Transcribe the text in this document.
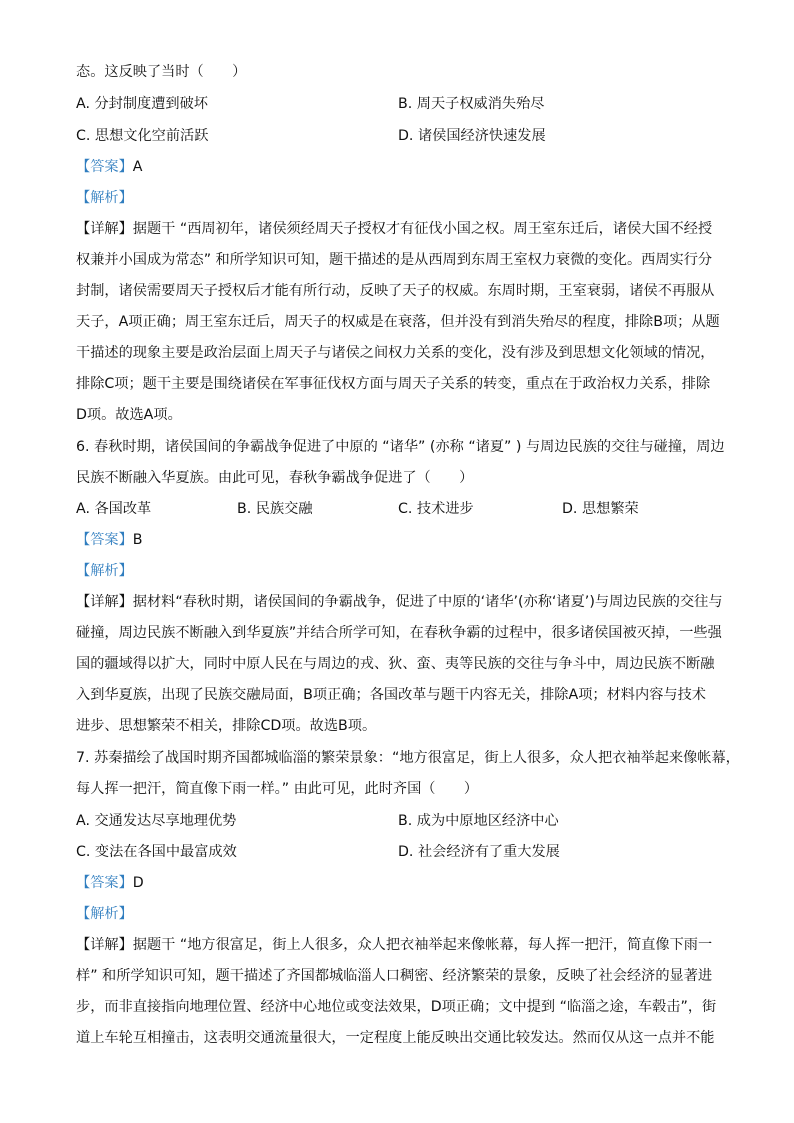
态。这反映了当时（　　）
A. 分封制度遭到破坏	B. 周天子权威消失殆尽
C. 思想文化空前活跃	D. 诸侯国经济快速发展
【答案】A
【解析】
【详解】据题干 “西周初年，诸侯须经周天子授权才有征伐小国之权。周王室东迁后，诸侯大国不经授
权兼并小国成为常态” 和所学知识可知，题干描述的是从西周到东周王室权力衰微的变化。西周实行分
封制，诸侯需要周天子授权后才能有所行动，反映了天子的权威。东周时期，王室衰弱，诸侯不再服从
天子，A项正确；周王室东迁后，周天子的权威是在衰落，但并没有到消失殆尽的程度，排除B项；从题
干描述的现象主要是政治层面上周天子与诸侯之间权力关系的变化，没有涉及到思想文化领域的情况，
排除C项；题干主要是围绕诸侯在军事征伐权方面与周天子关系的转变，重点在于政治权力关系，排除
D项。故选A项。
6. 春秋时期，诸侯国间的争霸战争促进了中原的 “诸华” (亦称 “诸夏” ) 与周边民族的交往与碰撞，周边
民族不断融入华夏族。由此可见，春秋争霸战争促进了（　　）
A. 各国改革	B. 民族交融	C. 技术进步	D. 思想繁荣
【答案】B
【解析】
【详解】据材料“春秋时期，诸侯国间的争霸战争，促进了中原的‘诸华’(亦称‘诸夏’)与周边民族的交往与
碰撞，周边民族不断融入到华夏族”并结合所学可知，在春秋争霸的过程中，很多诸侯国被灭掉，一些强
国的疆域得以扩大，同时中原人民在与周边的戎、狄、蛮、夷等民族的交往与争斗中，周边民族不断融
入到华夏族，出现了民族交融局面，B项正确；各国改革与题干内容无关，排除A项；材料内容与技术
进步、思想繁荣不相关，排除CD项。故选B项。
7. 苏秦描绘了战国时期齐国都城临淄的繁荣景象：“地方很富足，街上人很多，众人把衣袖举起来像帐幕，
每人挥一把汗，简直像下雨一样。” 由此可见，此时齐国（　　）
A. 交通发达尽享地理优势	B. 成为中原地区经济中心
C. 变法在各国中最富成效	D. 社会经济有了重大发展
【答案】D
【解析】
【详解】据题干 “地方很富足，街上人很多，众人把衣袖举起来像帐幕，每人挥一把汗，简直像下雨一
样” 和所学知识可知，题干描述了齐国都城临淄人口稠密、经济繁荣的景象，反映了社会经济的显著进
步，而非直接指向地理位置、经济中心地位或变法效果，D项正确；文中提到 “临淄之途，车毂击”，街
道上车轮互相撞击，这表明交通流量很大，一定程度上能反映出交通比较发达。然而仅从这一点并不能
